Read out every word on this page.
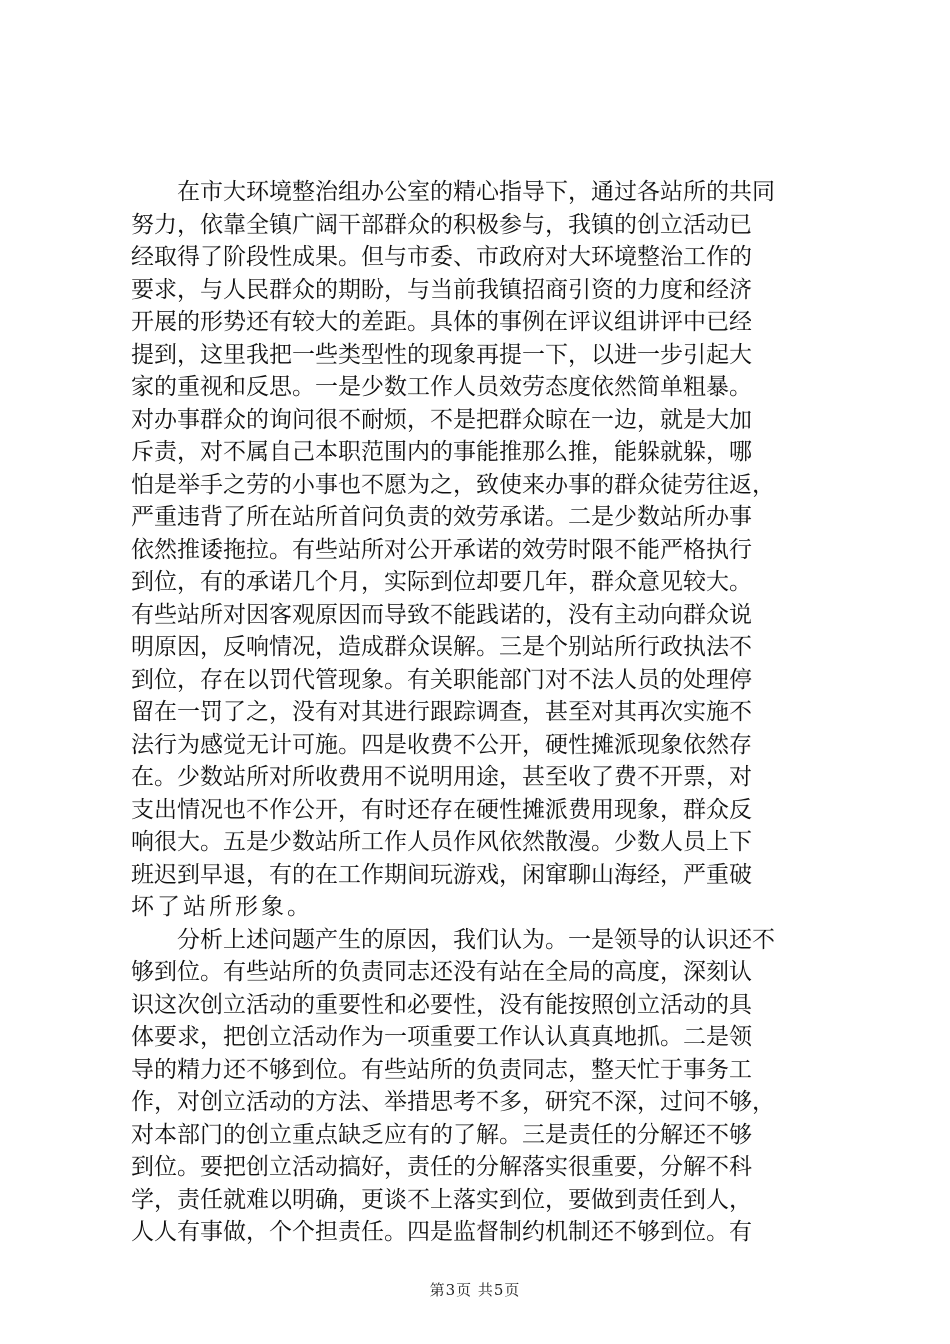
在市大环境整治组办公室的精心指导下，通过各站所的共同
努力，依靠全镇广阔干部群众的积极参与，我镇的创立活动已
经取得了阶段性成果。但与市委、市政府对大环境整治工作的
要求，与人民群众的期盼，与当前我镇招商引资的力度和经济
开展的形势还有较大的差距。具体的事例在评议组讲评中已经
提到，这里我把一些类型性的现象再提一下，以进一步引起大
家的重视和反思。一是少数工作人员效劳态度依然简单粗暴。
对办事群众的询问很不耐烦，不是把群众晾在一边，就是大加
斥责，对不属自己本职范围内的事能推那么推，能躲就躲，哪
怕是举手之劳的小事也不愿为之，致使来办事的群众徒劳往返，
严重违背了所在站所首问负责的效劳承诺。二是少数站所办事
依然推诿拖拉。有些站所对公开承诺的效劳时限不能严格执行
到位，有的承诺几个月，实际到位却要几年，群众意见较大。
有些站所对因客观原因而导致不能践诺的，没有主动向群众说
明原因，反响情况，造成群众误解。三是个别站所行政执法不
到位，存在以罚代管现象。有关职能部门对不法人员的处理停
留在一罚了之，没有对其进行跟踪调查，甚至对其再次实施不
法行为感觉无计可施。四是收费不公开，硬性摊派现象依然存
在。少数站所对所收费用不说明用途，甚至收了费不开票，对
支出情况也不作公开，有时还存在硬性摊派费用现象，群众反
响很大。五是少数站所工作人员作风依然散漫。少数人员上下
班迟到早退，有的在工作期间玩游戏，闲窜聊山海经，严重破
坏了站所形象。
分析上述问题产生的原因，我们认为。一是领导的认识还不
够到位。有些站所的负责同志还没有站在全局的高度，深刻认
识这次创立活动的重要性和必要性，没有能按照创立活动的具
体要求，把创立活动作为一项重要工作认认真真地抓。二是领
导的精力还不够到位。有些站所的负责同志，整天忙于事务工
作，对创立活动的方法、举措思考不多，研究不深，过问不够，
对本部门的创立重点缺乏应有的了解。三是责任的分解还不够
到位。要把创立活动搞好，责任的分解落实很重要，分解不科
学，责任就难以明确，更谈不上落实到位，要做到责任到人，
人人有事做，个个担责任。四是监督制约机制还不够到位。有
第3页 共5页
